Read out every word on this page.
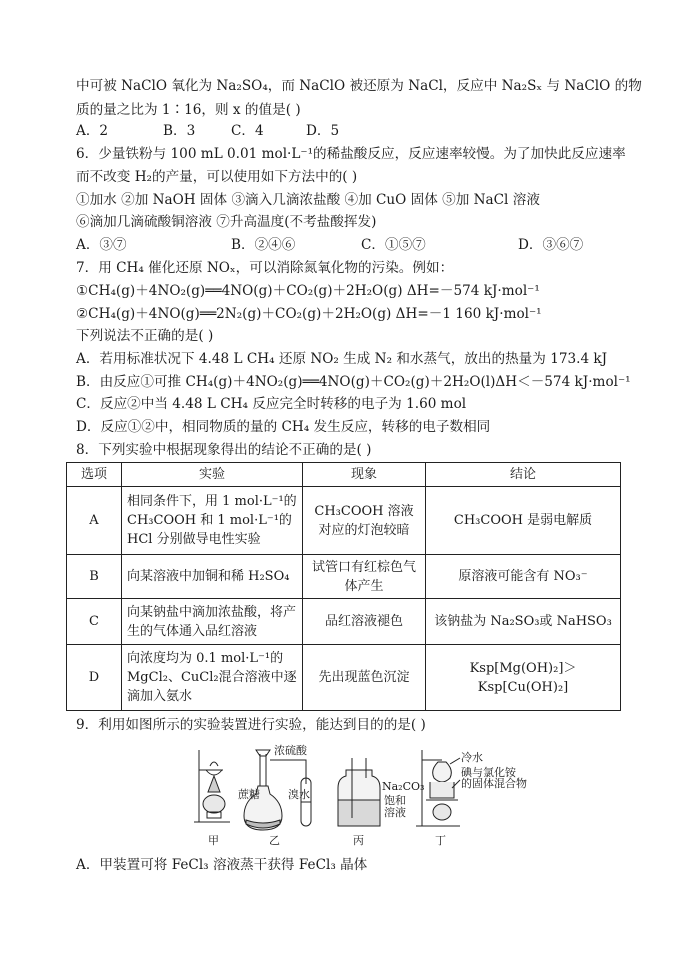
中可被 NaClO 氧化为 Na₂SO₄，而 NaClO 被还原为 NaCl，反应中 Na₂Sₓ 与 NaClO 的物
质的量之比为 1∶16，则 x 的值是( )
A．2	B．3	C．4	D．5
6．少量铁粉与 100 mL 0.01 mol·L⁻¹的稀盐酸反应，反应速率较慢。为了加快此反应速率
而不改变 H₂的产量，可以使用如下方法中的( )
①加水 ②加 NaOH 固体 ③滴入几滴浓盐酸 ④加 CuO 固体 ⑤加 NaCl 溶液
⑥滴加几滴硫酸铜溶液 ⑦升高温度(不考盐酸挥发)
A．③⑦	B．②④⑥	C．①⑤⑦	D．③⑥⑦
7．用 CH₄ 催化还原 NOₓ，可以消除氮氧化物的污染。例如：
①CH₄(g)＋4NO₂(g)══4NO(g)＋CO₂(g)＋2H₂O(g) ΔH=－574 kJ·mol⁻¹
②CH₄(g)＋4NO(g)══2N₂(g)＋CO₂(g)＋2H₂O(g) ΔH=－1 160 kJ·mol⁻¹
下列说法不正确的是( )
A．若用标准状况下 4.48 L CH₄ 还原 NO₂ 生成 N₂ 和水蒸气，放出的热量为 173.4 kJ
B．由反应①可推 CH₄(g)＋4NO₂(g)══4NO(g)＋CO₂(g)＋2H₂O(l)ΔH＜－574 kJ·mol⁻¹
C．反应②中当 4.48 L CH₄ 反应完全时转移的电子为 1.60 mol
D．反应①②中，相同物质的量的 CH₄ 发生反应，转移的电子数相同
8．下列实验中根据现象得出的结论不正确的是( )
选项	实验	现象	结论
A	相同条件下，用 1 mol·L⁻¹的 CH₃COOH 和 1 mol·L⁻¹的 HCl 分别做导电性实验	CH₃COOH 溶液对应的灯泡较暗	CH₃COOH 是弱电解质
B	向某溶液中加铜和稀 H₂SO₄	试管口有红棕色气体产生	原溶液可能含有 NO₃⁻
C	向某钠盐中滴加浓盐酸，将产生的气体通入品红溶液	品红溶液褪色	该钠盐为 Na₂SO₃或 NaHSO₃
D	向浓度均为 0.1 mol·L⁻¹的 MgCl₂、CuCl₂混合溶液中逐滴加入氨水	先出现蓝色沉淀	Ksp[Mg(OH)₂]＞Ksp[Cu(OH)₂]
9．利用如图所示的实验装置进行实验，能达到目的的是( )
浓硫酸
蔗糖	溴水
Na₂CO₃
饱和
溶液
冷水
碘与氯化铵
的固体混合物
甲	乙	丙	丁
A．甲装置可将 FeCl₃ 溶液蒸干获得 FeCl₃ 晶体
